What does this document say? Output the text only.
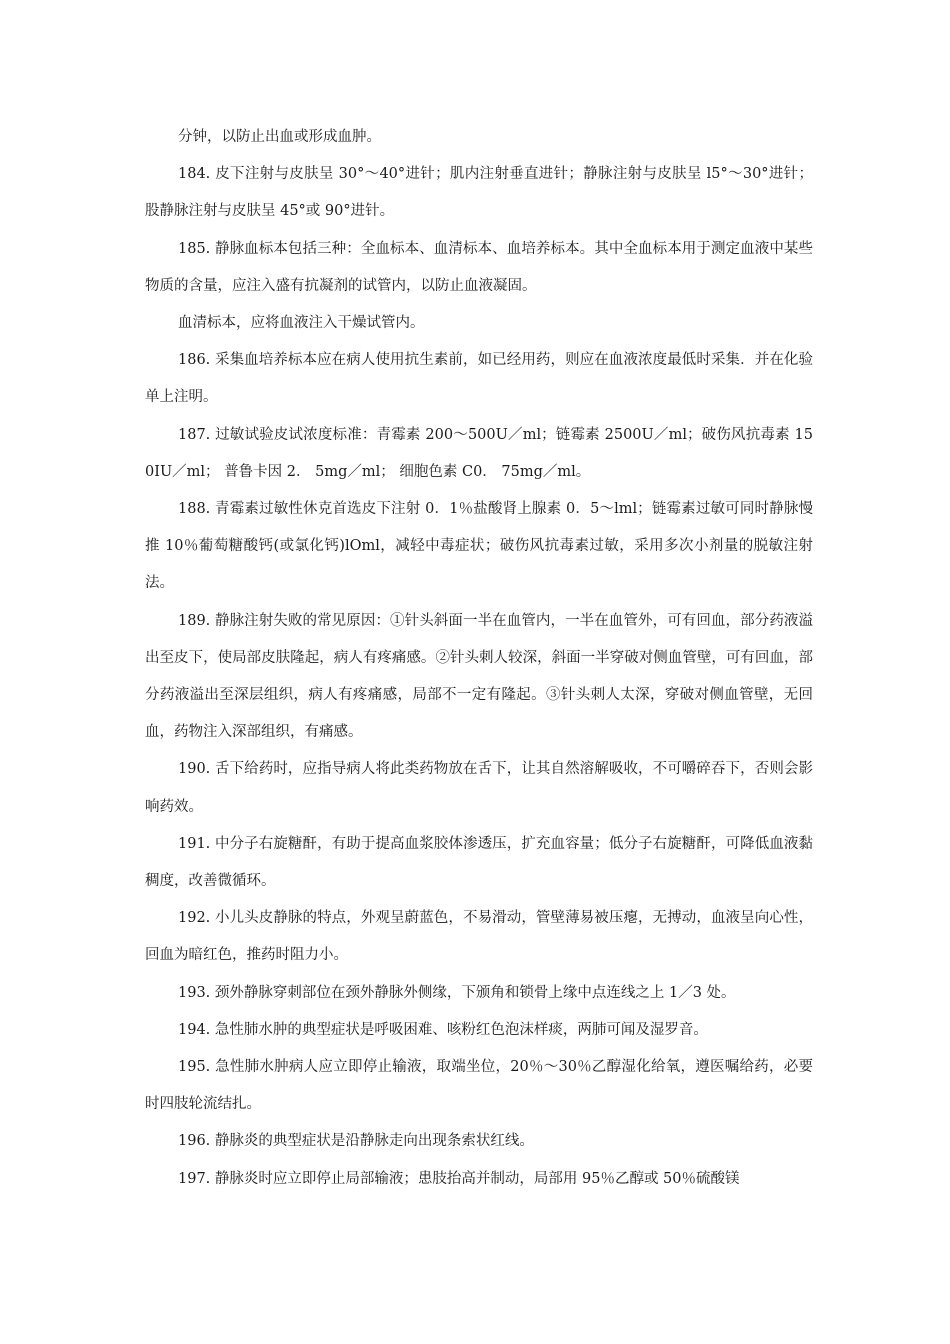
分钟，以防止出血或形成血肿。

184. 皮下注射与皮肤呈 30°～40°进针；肌内注射垂直进针；静脉注射与皮肤呈 l5°～30°进针；股静脉注射与皮肤呈 45°或 90°进针。

185. 静脉血标本包括三种：全血标本、血清标本、血培养标本。其中全血标本用于测定血液中某些物质的含量，应注入盛有抗凝剂的试管内，以防止血液凝固。

血清标本，应将血液注入干燥试管内。

186. 采集血培养标本应在病人使用抗生素前，如已经用药，则应在血液浓度最低时采集．并在化验单上注明。

187. 过敏试验皮试浓度标准：青霉素 200～500U／ml；链霉素 2500U／ml；破伤风抗毒素 150IU／ml； 普鲁卡因 2． 5mg／ml； 细胞色素 C0． 75mg／ml。

188. 青霉素过敏性休克首选皮下注射 0．1％盐酸肾上腺素 0．5～lml；链霉素过敏可同时静脉慢推 10％葡萄糖酸钙(或氯化钙)lOml，减轻中毒症状；破伤风抗毒素过敏，采用多次小剂量的脱敏注射法。

189. 静脉注射失败的常见原因：①针头斜面一半在血管内，一半在血管外，可有回血，部分药液溢出至皮下，使局部皮肤隆起，病人有疼痛感。②针头刺人较深，斜面一半穿破对侧血管壁，可有回血，部分药液溢出至深层组织，病人有疼痛感，局部不一定有隆起。③针头刺人太深，穿破对侧血管壁，无回血，药物注入深部组织，有痛感。

190. 舌下给药时，应指导病人将此类药物放在舌下，让其自然溶解吸收，不可嚼碎吞下，否则会影响药效。

191. 中分子右旋糖酐，有助于提高血浆胶体渗透压，扩充血容量；低分子右旋糖酐，可降低血液黏稠度，改善微循环。

192. 小儿头皮静脉的特点，外观呈蔚蓝色，不易滑动，管壁薄易被压瘪，无搏动，血液呈向心性，回血为暗红色，推药时阻力小。

193. 颈外静脉穿刺部位在颈外静脉外侧缘，下颁角和锁骨上缘中点连线之上 1／3 处。

194. 急性肺水肿的典型症状是呼吸困难、咳粉红色泡沫样痰，两肺可闻及湿罗音。

195. 急性肺水肿病人应立即停止输液，取端坐位，20％～30％乙醇湿化给氧，遵医嘱给药，必要时四肢轮流结扎。

196. 静脉炎的典型症状是沿静脉走向出现条索状红线。

197. 静脉炎时应立即停止局部输液；患肢抬高并制动，局部用 95％乙醇或 50％硫酸镁
